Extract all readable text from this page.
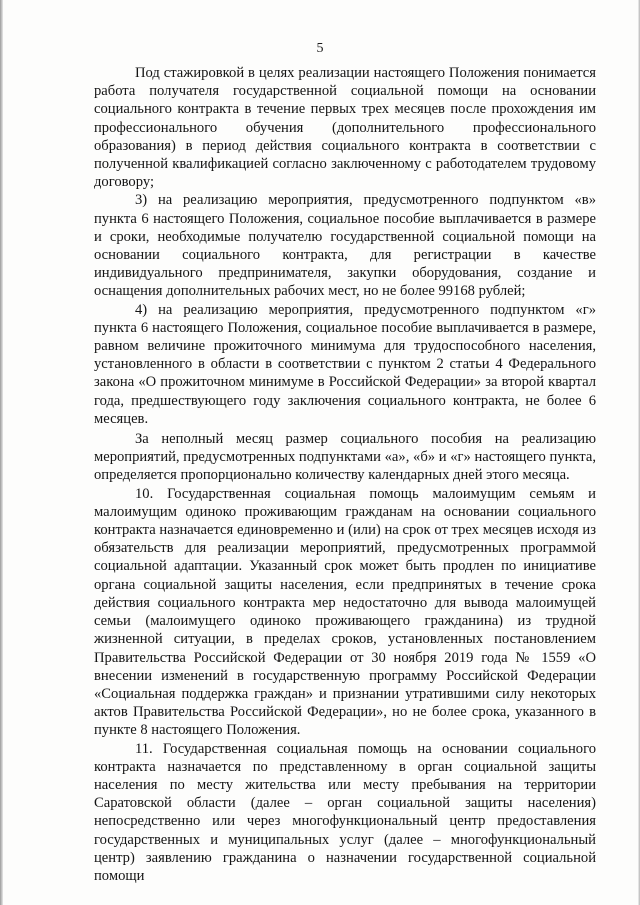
5

Под стажировкой в целях реализации настоящего Положения понимается работа получателя государственной социальной помощи на основании социального контракта в течение первых трех месяцев после прохождения им профессионального обучения (дополнительного профессионального образования) в период действия социального контракта в соответствии с полученной квалификацией согласно заключенному с работодателем трудовому договору;

3) на реализацию мероприятия, предусмотренного подпунктом «в» пункта 6 настоящего Положения, социальное пособие выплачивается в размере и сроки, необходимые получателю государственной социальной помощи на основании социального контракта, для регистрации в качестве индивидуального предпринимателя, закупки оборудования, создание и оснащения дополнительных рабочих мест, но не более 99168 рублей;

4) на реализацию мероприятия, предусмотренного подпунктом «г» пункта 6 настоящего Положения, социальное пособие выплачивается в размере, равном величине прожиточного минимума для трудоспособного населения, установленного в области в соответствии с пунктом 2 статьи 4 Федерального закона «О прожиточном минимуме в Российской Федерации» за второй квартал года, предшествующего году заключения социального контракта, не более 6 месяцев.

За неполный месяц размер социального пособия на реализацию мероприятий, предусмотренных подпунктами «а», «б» и «г» настоящего пункта, определяется пропорционально количеству календарных дней этого месяца.

10. Государственная социальная помощь малоимущим семьям и малоимущим одиноко проживающим гражданам на основании социального контракта назначается единовременно и (или) на срок от трех месяцев исходя из обязательств для реализации мероприятий, предусмотренных программой социальной адаптации. Указанный срок может быть продлен по инициативе органа социальной защиты населения, если предпринятых в течение срока действия социального контракта мер недостаточно для вывода малоимущей семьи (малоимущего одиноко проживающего гражданина) из трудной жизненной ситуации, в пределах сроков, установленных постановлением Правительства Российской Федерации от 30 ноября 2019 года № 1559 «О внесении изменений в государственную программу Российской Федерации «Социальная поддержка граждан» и признании утратившими силу некоторых актов Правительства Российской Федерации», но не более срока, указанного в пункте 8 настоящего Положения.

11. Государственная социальная помощь на основании социального контракта назначается по представленному в орган социальной защиты населения по месту жительства или месту пребывания на территории Саратовской области (далее – орган социальной защиты населения) непосредственно или через многофункциональный центр предоставления государственных и муниципальных услуг (далее – многофункциональный центр) заявлению гражданина о назначении государственной социальной помощи
